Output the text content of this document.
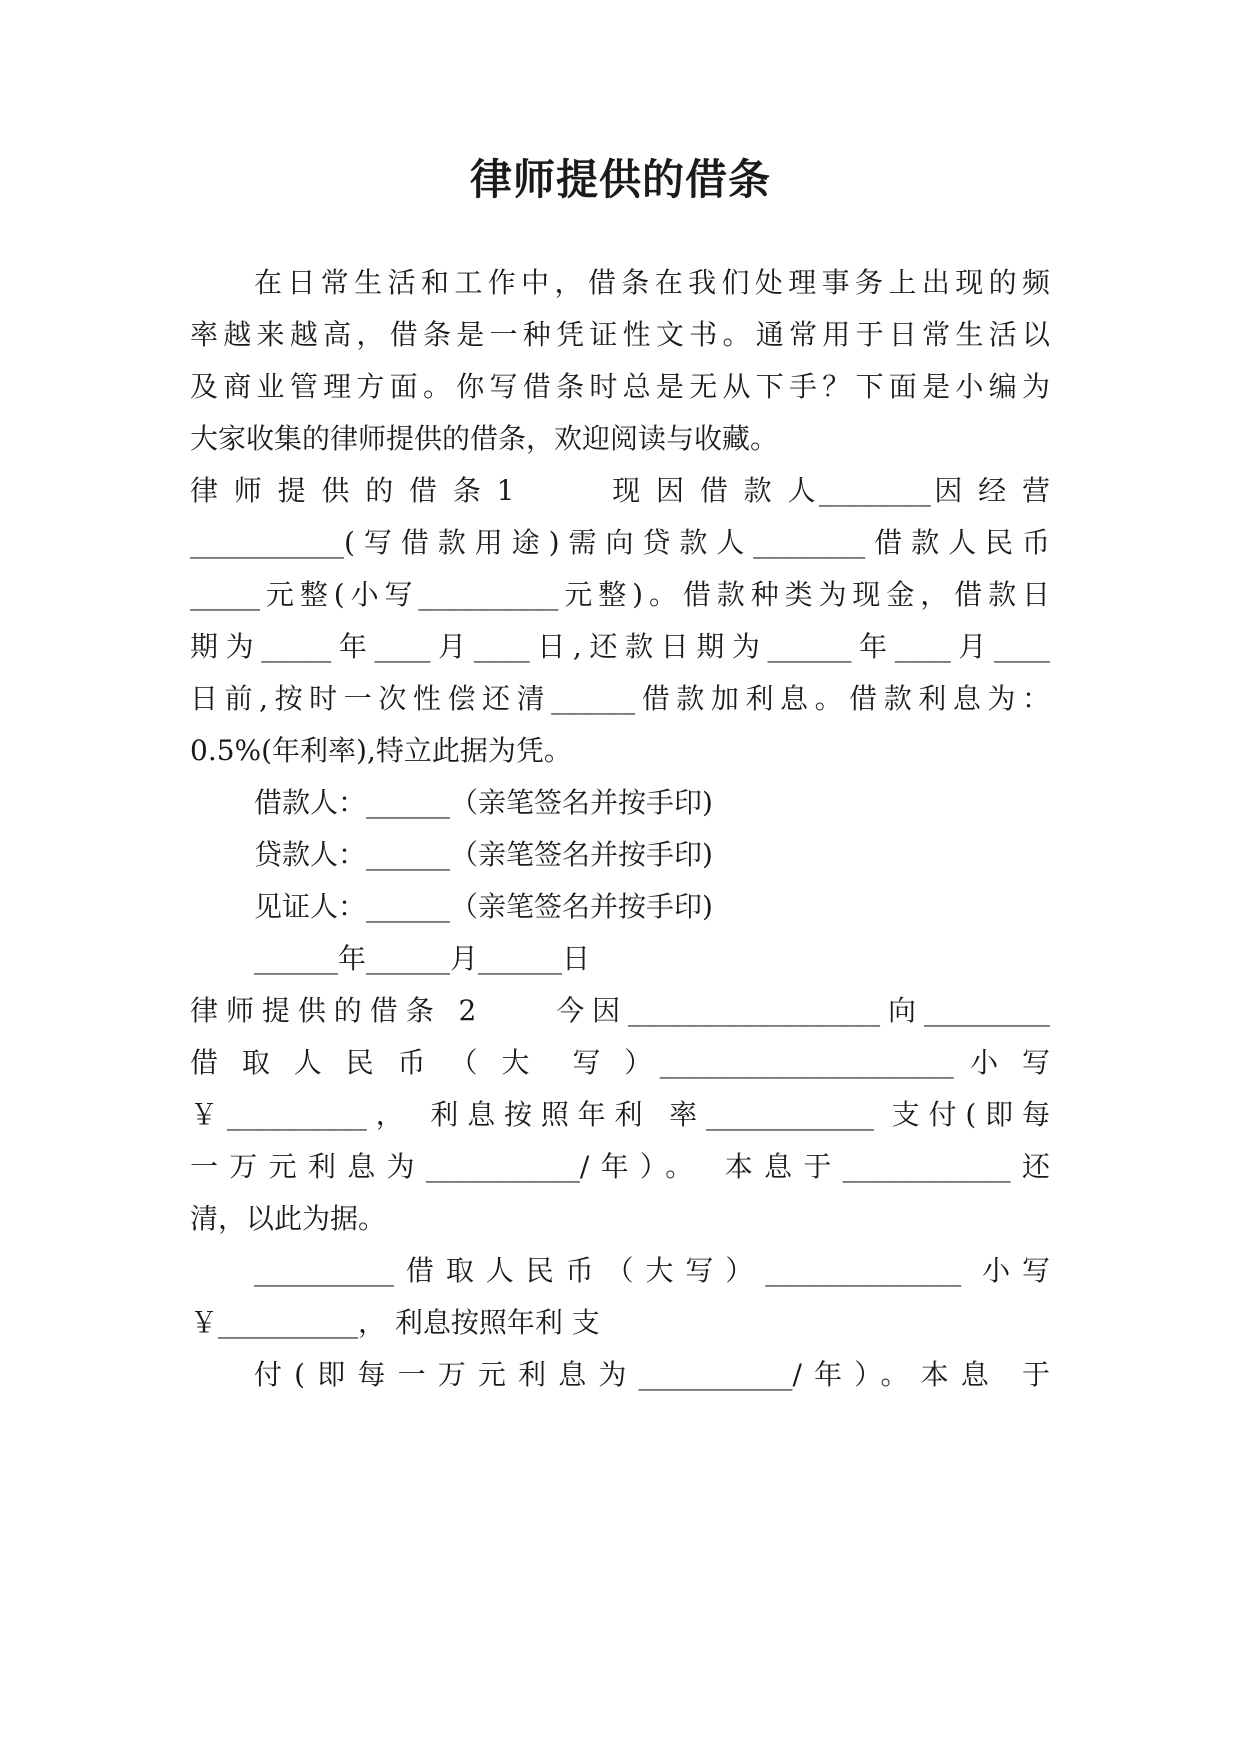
律师提供的借条
在日常生活和工作中，借条在我们处理事务上出现的频
率越来越高，借条是一种凭证性文书。通常用于日常生活以
及商业管理方面。你写借条时总是无从下手？下面是小编为
大家收集的律师提供的借条，欢迎阅读与收藏。
律 师 提 供 的 借 条 1　　　现 因 借 款 人________因 经 营
___________(写借款用途)需向贷款人________借款人民币
_____元整(小写__________元整)。借款种类为现金，借款日
期为_____年____月____日,还款日期为______年____月____
日前,按时一次性偿还清______借款加利息。借款利息为：
0.5%(年利率),特立此据为凭。
借款人：______（亲笔签名并按手印)
贷款人：______（亲笔签名并按手印)
见证人：______（亲笔签名并按手印)
______年______月______日
律师提供的借条 2　　今因__________________向_________
借 取 人 民 币 （ 大　写 ）_____________________ 小 写
￥__________， 利息按照年利 率____________ 支付(即每
一万元利息为___________/年）。 本息于____________还
清，以此为据。
__________借取人民币（大写）______________ 小写
￥__________， 利息按照年利 支
付(即每一万元利息为___________/年）。本息 于
